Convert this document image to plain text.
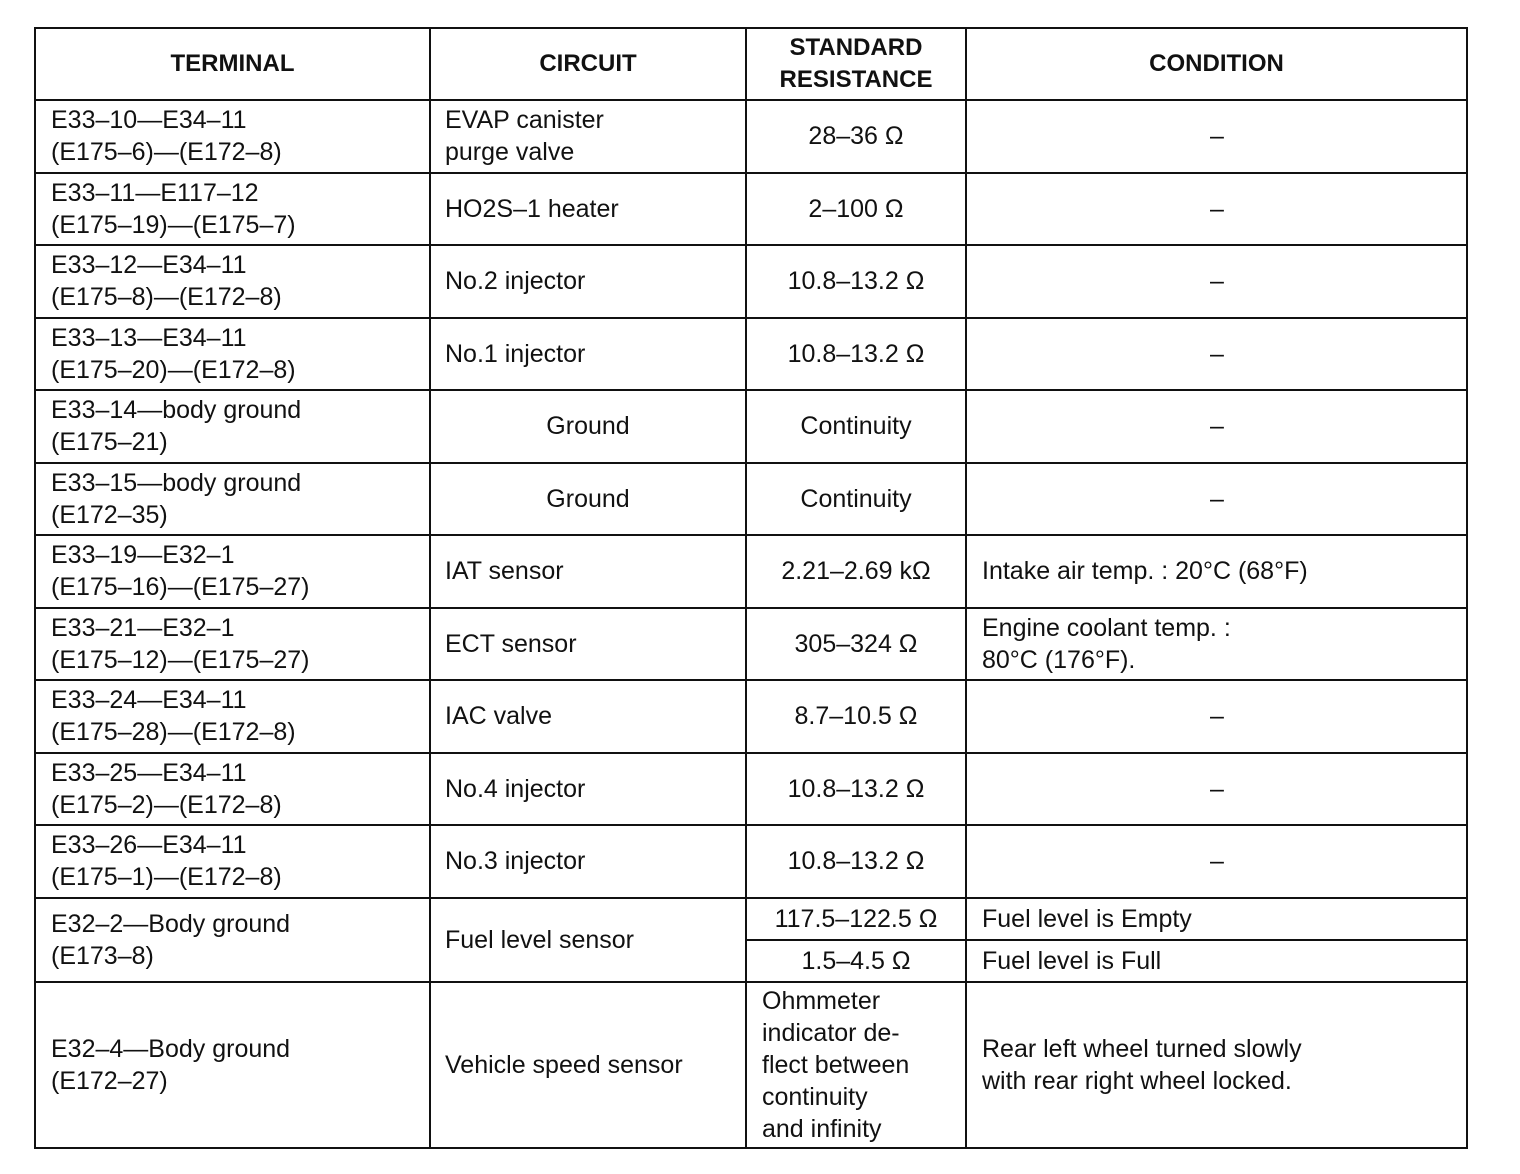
TERMINAL	CIRCUIT	STANDARD
RESISTANCE	CONDITION

E33–10—E34–11
(E175–6)—(E172–8)	EVAP canister
purge valve	28–36 Ω	–

E33–11—E117–12
(E175–19)—(E175–7)	HO2S–1 heater	2–100 Ω	–

E33–12—E34–11
(E175–8)—(E172–8)	No.2 injector	10.8–13.2 Ω	–

E33–13—E34–11
(E175–20)—(E172–8)	No.1 injector	10.8–13.2 Ω	–

E33–14—body ground
(E175–21)	Ground	Continuity	–

E33–15—body ground
(E172–35)	Ground	Continuity	–

E33–19—E32–1
(E175–16)—(E175–27)	IAT sensor	2.21–2.69 kΩ	Intake air temp. : 20°C (68°F)

E33–21—E32–1
(E175–12)—(E175–27)	ECT sensor	305–324 Ω	Engine coolant temp. :
80°C (176°F).

E33–24—E34–11
(E175–28)—(E172–8)	IAC valve	8.7–10.5 Ω	–

E33–25—E34–11
(E175–2)—(E172–8)	No.4 injector	10.8–13.2 Ω	–

E33–26—E34–11
(E175–1)—(E172–8)	No.3 injector	10.8–13.2 Ω	–

E32–2—Body ground
(E173–8)	Fuel level sensor	117.5–122.5 Ω	Fuel level is Empty
		1.5–4.5 Ω	Fuel level is Full

E32–4—Body ground
(E172–27)	Vehicle speed sensor	Ohmmeter
indicator de-
flect between
continuity
and infinity	Rear left wheel turned slowly
with rear right wheel locked.
